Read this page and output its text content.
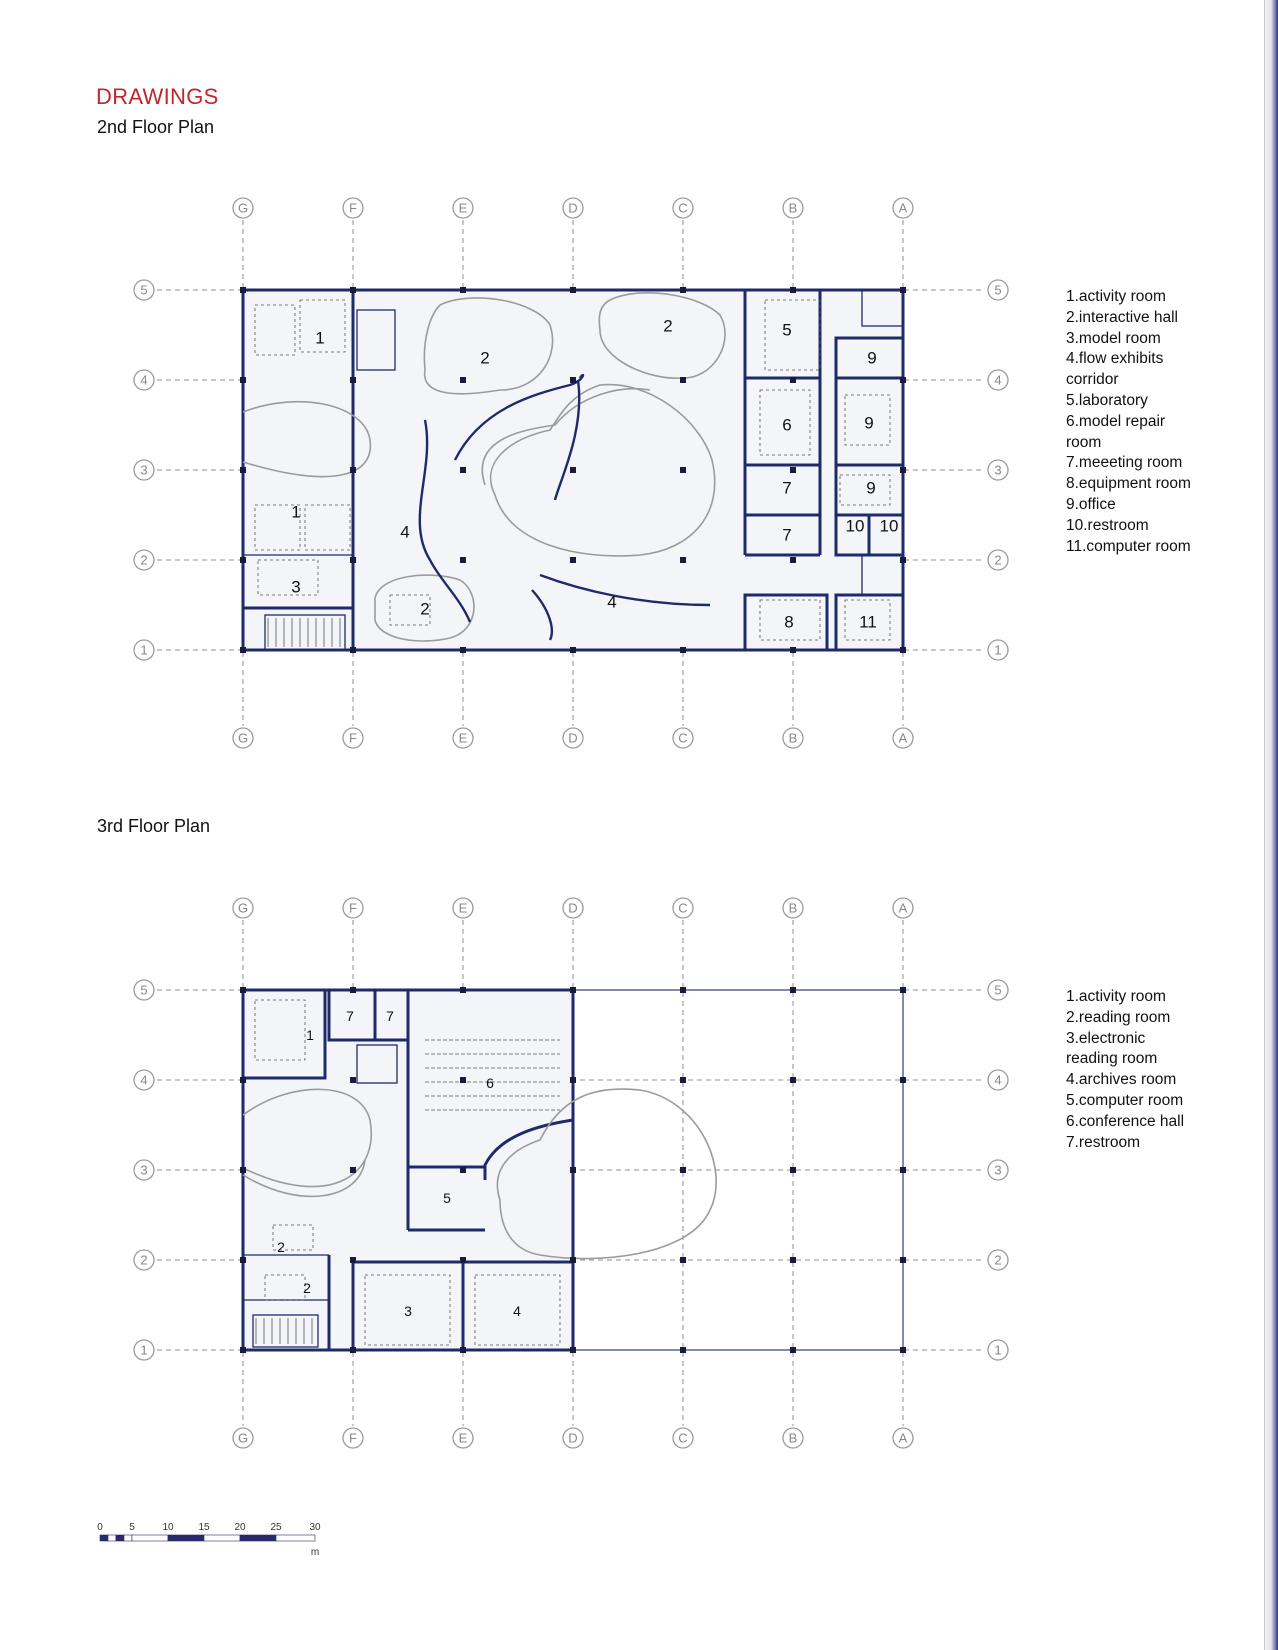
DRAWINGS
2nd Floor Plan
3rd Floor Plan
1.activity room
2.interactive hall
3.model room
4.flow exhibits corridor
5.laboratory
6.model repair room
7.meeeting room
8.equipment room
9.office
10.restroom
11.computer room
1.activity room
2.reading room
3.electronic reading room
4.archives room
5.computer room
6.conference hall
7.restroom
G
G
F
F
E
E
D
D
C
C
B
B
A
A
5	5
4	4
3	3
2	2
1	1
1
2
2
1
3
4
2	4
5
9
6	9
7	9
7	10 10
8	11
G
G
F
F
E
E
D
D
C
C
B
B
A
A
5	5
4	4
3	3
2	2
1	1
1
7 7
6
5
2
2
3	4
0	5	10 15 20 25	30
m
